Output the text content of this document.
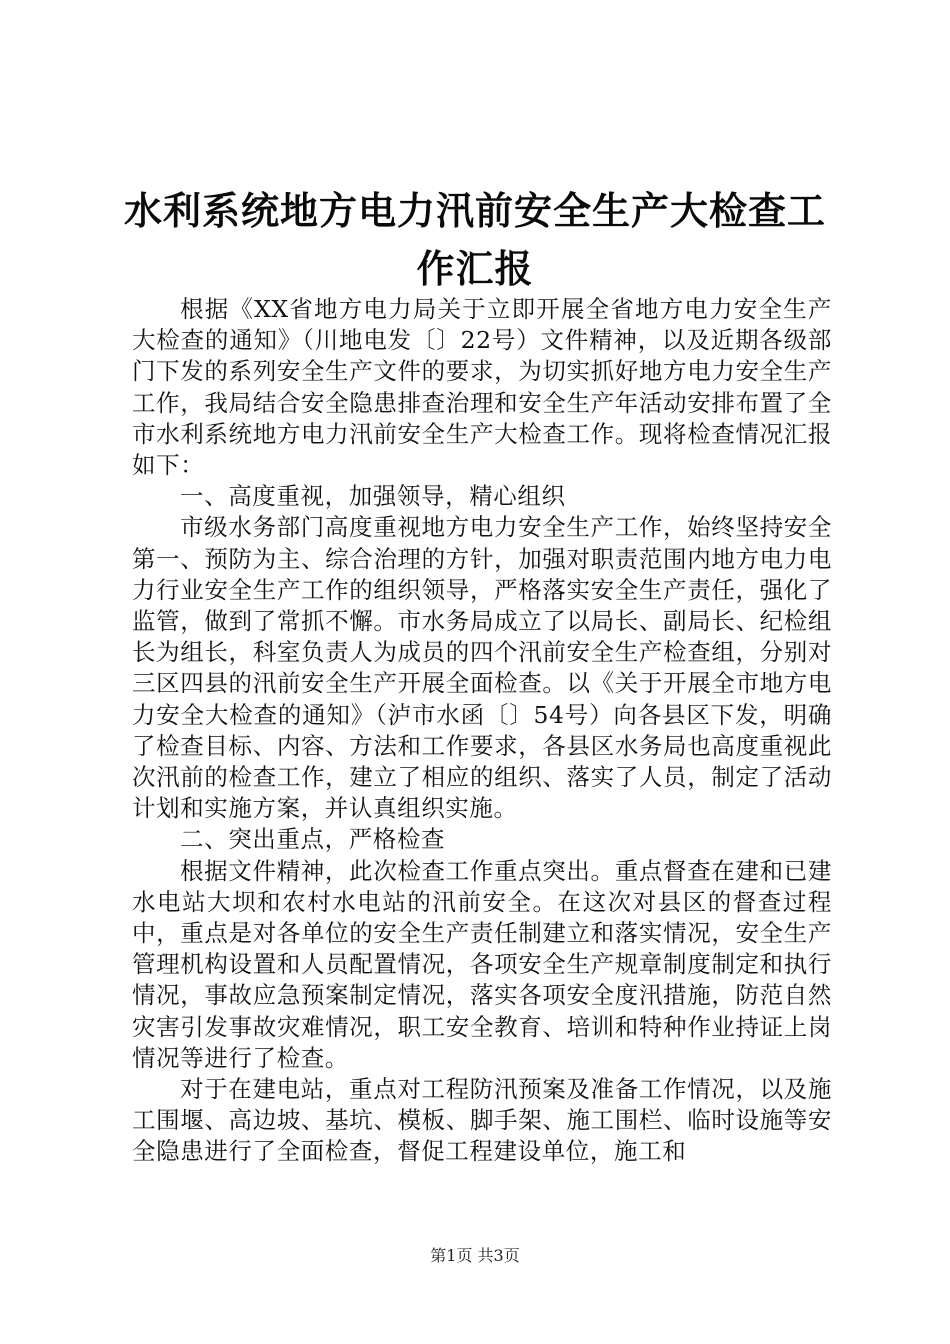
水利系统地方电力汛前安全生产大检查工作汇报

根据《XX省地方电力局关于立即开展全省地方电力安全生产大检查的通知》（川地电发〔〕22号）文件精神，以及近期各级部门下发的系列安全生产文件的要求，为切实抓好地方电力安全生产工作，我局结合安全隐患排查治理和安全生产年活动安排布置了全市水利系统地方电力汛前安全生产大检查工作。现将检查情况汇报如下：

一、高度重视，加强领导，精心组织

市级水务部门高度重视地方电力安全生产工作，始终坚持安全第一、预防为主、综合治理的方针，加强对职责范围内地方电力电力行业安全生产工作的组织领导，严格落实安全生产责任，强化了监管，做到了常抓不懈。市水务局成立了以局长、副局长、纪检组长为组长，科室负责人为成员的四个汛前安全生产检查组，分别对三区四县的汛前安全生产开展全面检查。以《关于开展全市地方电力安全大检查的通知》（泸市水函〔〕54号）向各县区下发，明确了检查目标、内容、方法和工作要求，各县区水务局也高度重视此次汛前的检查工作，建立了相应的组织、落实了人员，制定了活动计划和实施方案，并认真组织实施。

二、突出重点，严格检查

根据文件精神，此次检查工作重点突出。重点督查在建和已建水电站大坝和农村水电站的汛前安全。在这次对县区的督查过程中，重点是对各单位的安全生产责任制建立和落实情况，安全生产管理机构设置和人员配置情况，各项安全生产规章制度制定和执行情况，事故应急预案制定情况，落实各项安全度汛措施，防范自然灾害引发事故灾难情况，职工安全教育、培训和特种作业持证上岗情况等进行了检查。

对于在建电站，重点对工程防汛预案及准备工作情况，以及施工围堰、高边坡、基坑、模板、脚手架、施工围栏、临时设施等安全隐患进行了全面检查，督促工程建设单位，施工和

第1页 共3页
